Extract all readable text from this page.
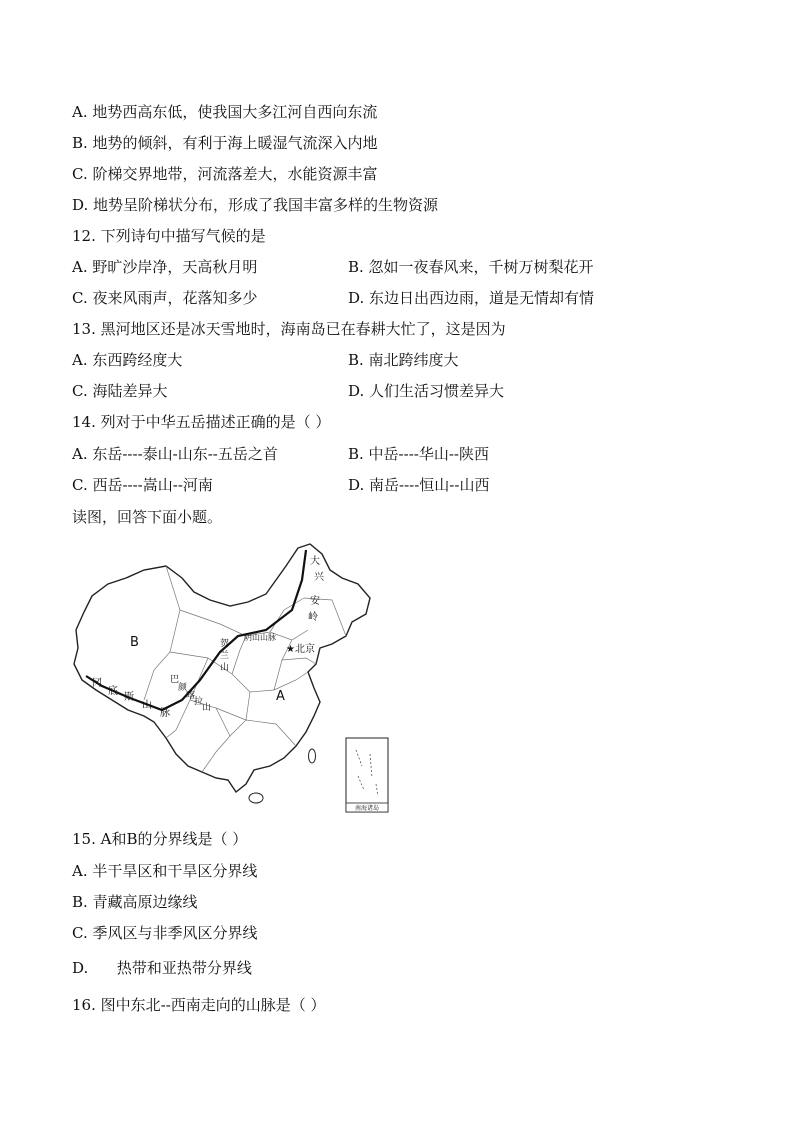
A. 地势西高东低，使我国大多江河自西向东流
B. 地势的倾斜，有利于海上暖湿气流深入内地
C. 阶梯交界地带，河流落差大，水能资源丰富
D. 地势呈阶梯状分布，形成了我国丰富多样的生物资源
12. 下列诗句中描写气候的是
A. 野旷沙岸净，天高秋月明	B. 忽如一夜春风来，千树万树梨花开
C. 夜来风雨声，花落知多少	D. 东边日出西边雨，道是无情却有情
13. 黑河地区还是冰天雪地时，海南岛已在春耕大忙了，这是因为
A. 东西跨经度大	B. 南北跨纬度大
C. 海陆差异大	D. 人们生活习惯差异大
14. 列对于中华五岳描述正确的是（ ）
A. 东岳----泰山-山东--五岳之首	B. 中岳----华山--陕西
C. 西岳----嵩山--河南	D. 南岳----恒山--山西
读图，回答下面小题。
南海诸岛
B
A
★北京
大
兴
安
岭
阴山山脉
贺
兰
山
巴
颜
喀
拉
山
冈
底
斯
山
脉
15. A和B的分界线是（ ）
A. 半干旱区和干旱区分界线
B. 青藏高原边缘线
C. 季风区与非季风区分界线
D.      热带和亚热带分界线
16. 图中东北--西南走向的山脉是（ ）
